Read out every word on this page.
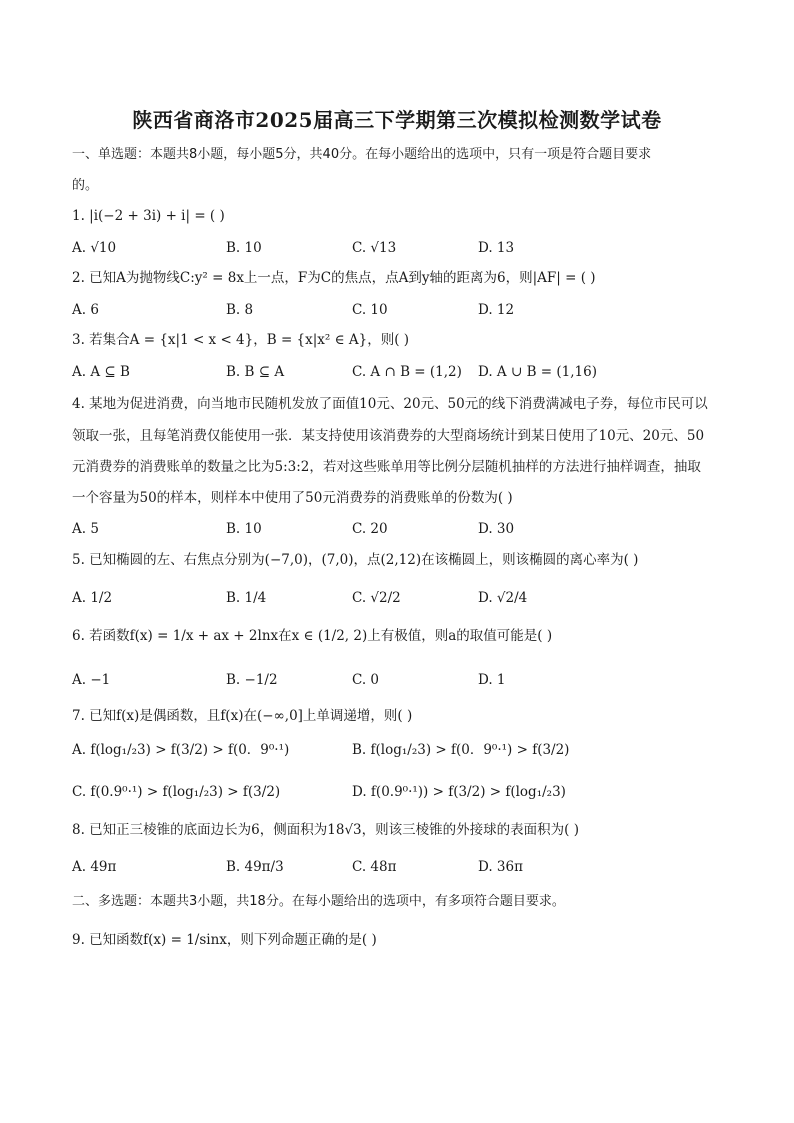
陕西省商洛市2025届高三下学期第三次模拟检测数学试卷
一、单选题：本题共8小题，每小题5分，共40分。在每小题给出的选项中，只有一项是符合题目要求
的。
1. |i(−2 + 3i) + i| = ( )
A. √10	B. 10	C. √13	D. 13
2. 已知A为抛物线C:y² = 8x上一点，F为C的焦点，点A到y轴的距离为6，则|AF| = ( )
A. 6	B. 8	C. 10	D. 12
3. 若集合A = {x|1 < x < 4}，B = {x|x² ∈ A}，则( )
A. A ⊆ B	B. B ⊆ A	C. A ∩ B = (1,2) D. A ∪ B = (1,16)
4. 某地为促进消费，向当地市民随机发放了面值10元、20元、50元的线下消费满减电子券，每位市民可以
领取一张，且每笔消费仅能使用一张．某支持使用该消费券的大型商场统计到某日使用了10元、20元、50
元消费券的消费账单的数量之比为5:3:2，若对这些账单用等比例分层随机抽样的方法进行抽样调查，抽取
一个容量为50的样本，则样本中使用了50元消费券的消费账单的份数为( )
A. 5	B. 10	C. 20	D. 30
5. 已知椭圆的左、右焦点分别为(−7,0)，(7,0)，点(2,12)在该椭圆上，则该椭圆的离心率为( )
A. 1/2	B. 1/4	C. √2/2	D. √2/4
6. 若函数f(x) = 1/x + ax + 2lnx在x ∈ (1/2, 2)上有极值，则a的取值可能是( )
A. −1	B. −1/2	C. 0	D. 1
7. 已知f(x)是偶函数，且f(x)在(−∞,0]上单调递增，则( )
A. f(log₁/₂3) > f(3/2) > f(0．9⁰·¹)	B. f(log₁/₂3) > f(0．9⁰·¹) > f(3/2)
C. f(0.9⁰·¹) > f(log₁/₂3) > f(3/2)	D. f(0.9⁰·¹)) > f(3/2) > f(log₁/₂3)
8. 已知正三棱锥的底面边长为6，侧面积为18√3，则该三棱锥的外接球的表面积为( )
A. 49π	B. 49π/3	C. 48π	D. 36π
二、多选题：本题共3小题，共18分。在每小题给出的选项中，有多项符合题目要求。
9. 已知函数f(x) = 1/sinx，则下列命题正确的是( )
